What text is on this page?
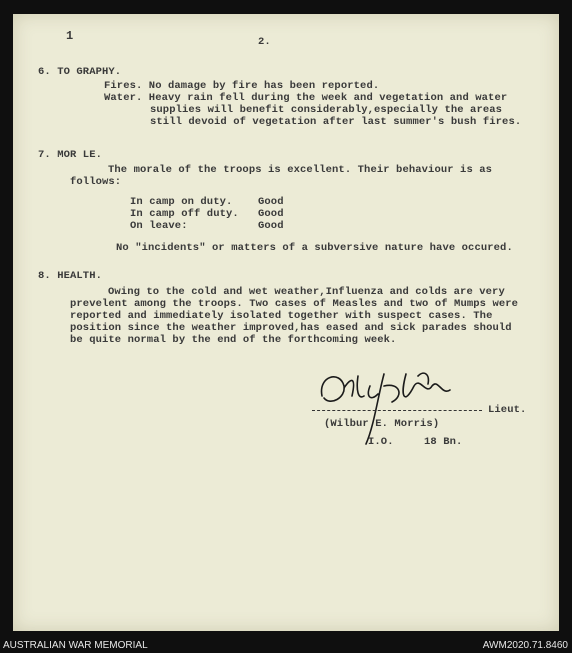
1	2.
6. TO GRAPHY.
Fires. No damage by fire has been reported.
Water. Heavy rain fell during the week and vegetation and water
supplies will benefit considerably,especially the areas
still devoid of vegetation after last summer's bush fires.
7. MOR LE.
The morale of the troops is excellent. Their behaviour is as
follows:
In camp on duty. Good
In camp off duty. Good
On leave:	Good
No "incidents" or matters of a subversive nature have occured.
8. HEALTH.
Owing to the cold and wet weather,Influenza and colds are very
prevelent among the troops. Two cases of Measles and two of Mumps were
reported and immediately isolated together with suspect cases. The
position since the weather improved,has eased and sick parades should
be quite normal by the end of the forthcoming week.
Lieut.
(Wilbur E. Morris)
I.O.	18 Bn.
AUSTRALIAN WAR MEMORIAL	AWM2020.71.8460
